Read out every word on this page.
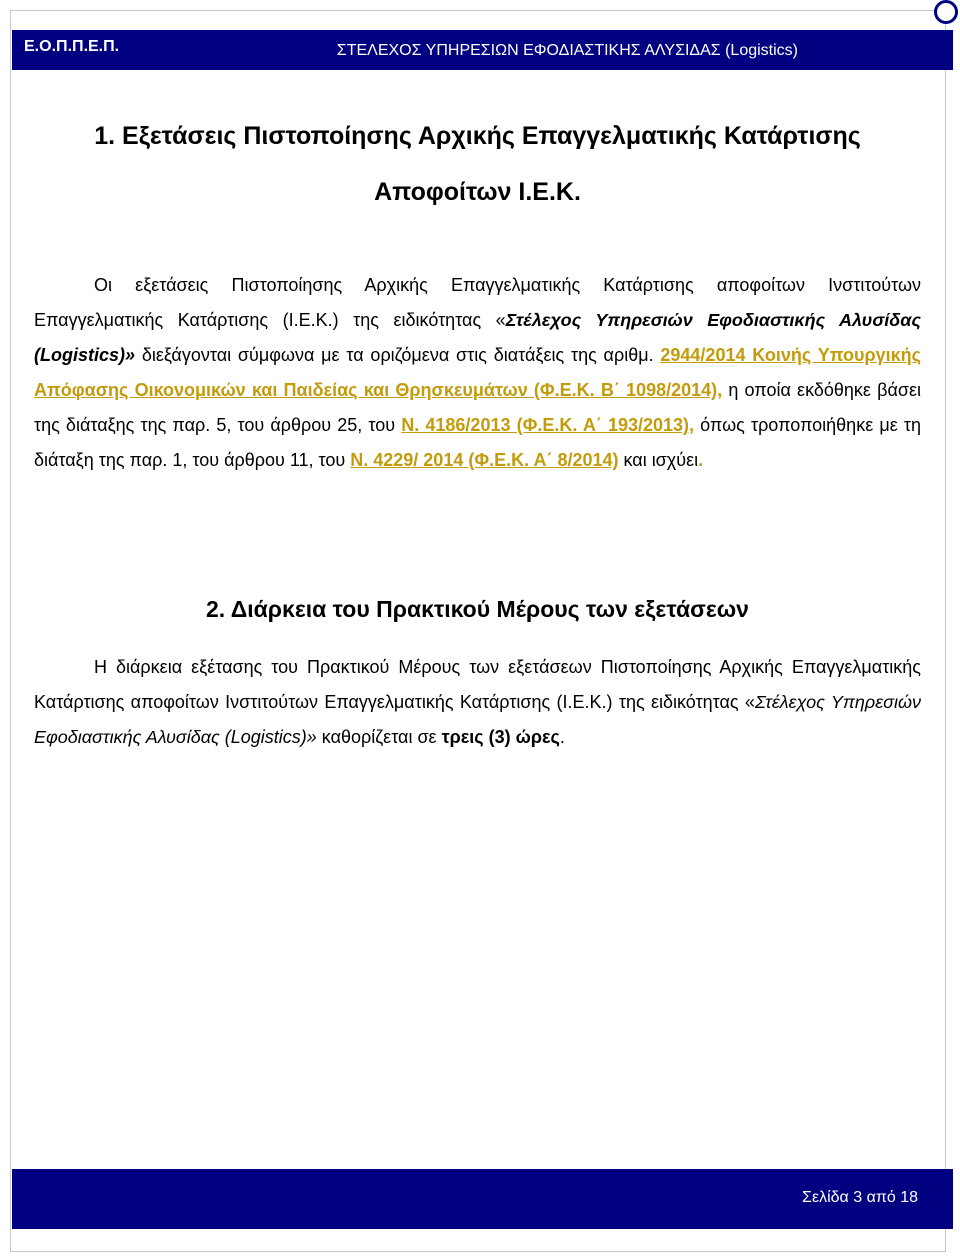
Ε.Ο.Π.Π.Ε.Π.	ΣΤΕΛΕΧΟΣ ΥΠΗΡΕΣΙΩΝ ΕΦΟΔΙΑΣΤΙΚΗΣ ΑΛΥΣΙΔΑΣ (Logistics)
1. Εξετάσεις Πιστοποίησης Αρχικής Επαγγελματικής Κατάρτισης
Αποφοίτων Ι.Ε.Κ.
Οι εξετάσεις Πιστοποίησης Αρχικής Επαγγελματικής Κατάρτισης αποφοίτων Ινστιτούτων Επαγγελματικής Κατάρτισης (Ι.Ε.Κ.) της ειδικότητας «Στέλεχος Υπηρεσιών Εφοδιαστικής Αλυσίδας (Logistics)» διεξάγονται σύμφωνα με τα οριζόμενα στις διατάξεις της αριθμ. 2944/2014 Κοινής Υπουργικής Απόφασης Οικονομικών και Παιδείας και Θρησκευμάτων (Φ.Ε.Κ. Β΄ 1098/2014), η οποία εκδόθηκε βάσει της διάταξης της παρ. 5, του άρθρου 25, του Ν. 4186/2013 (Φ.Ε.Κ. Α΄ 193/2013), όπως τροποποιήθηκε με τη διάταξη της παρ. 1, του άρθρου 11, του Ν. 4229/ 2014 (Φ.Ε.Κ. Α΄ 8/2014) και ισχύει.
2. Διάρκεια του Πρακτικού Μέρους των εξετάσεων
Η διάρκεια εξέτασης του Πρακτικού Μέρους των εξετάσεων Πιστοποίησης Αρχικής Επαγγελματικής Κατάρτισης αποφοίτων Ινστιτούτων Επαγγελματικής Κατάρτισης (Ι.Ε.Κ.) της ειδικότητας «Στέλεχος Υπηρεσιών Εφοδιαστικής Αλυσίδας (Logistics)» καθορίζεται σε τρεις (3) ώρες.
Σελίδα 3 από 18
